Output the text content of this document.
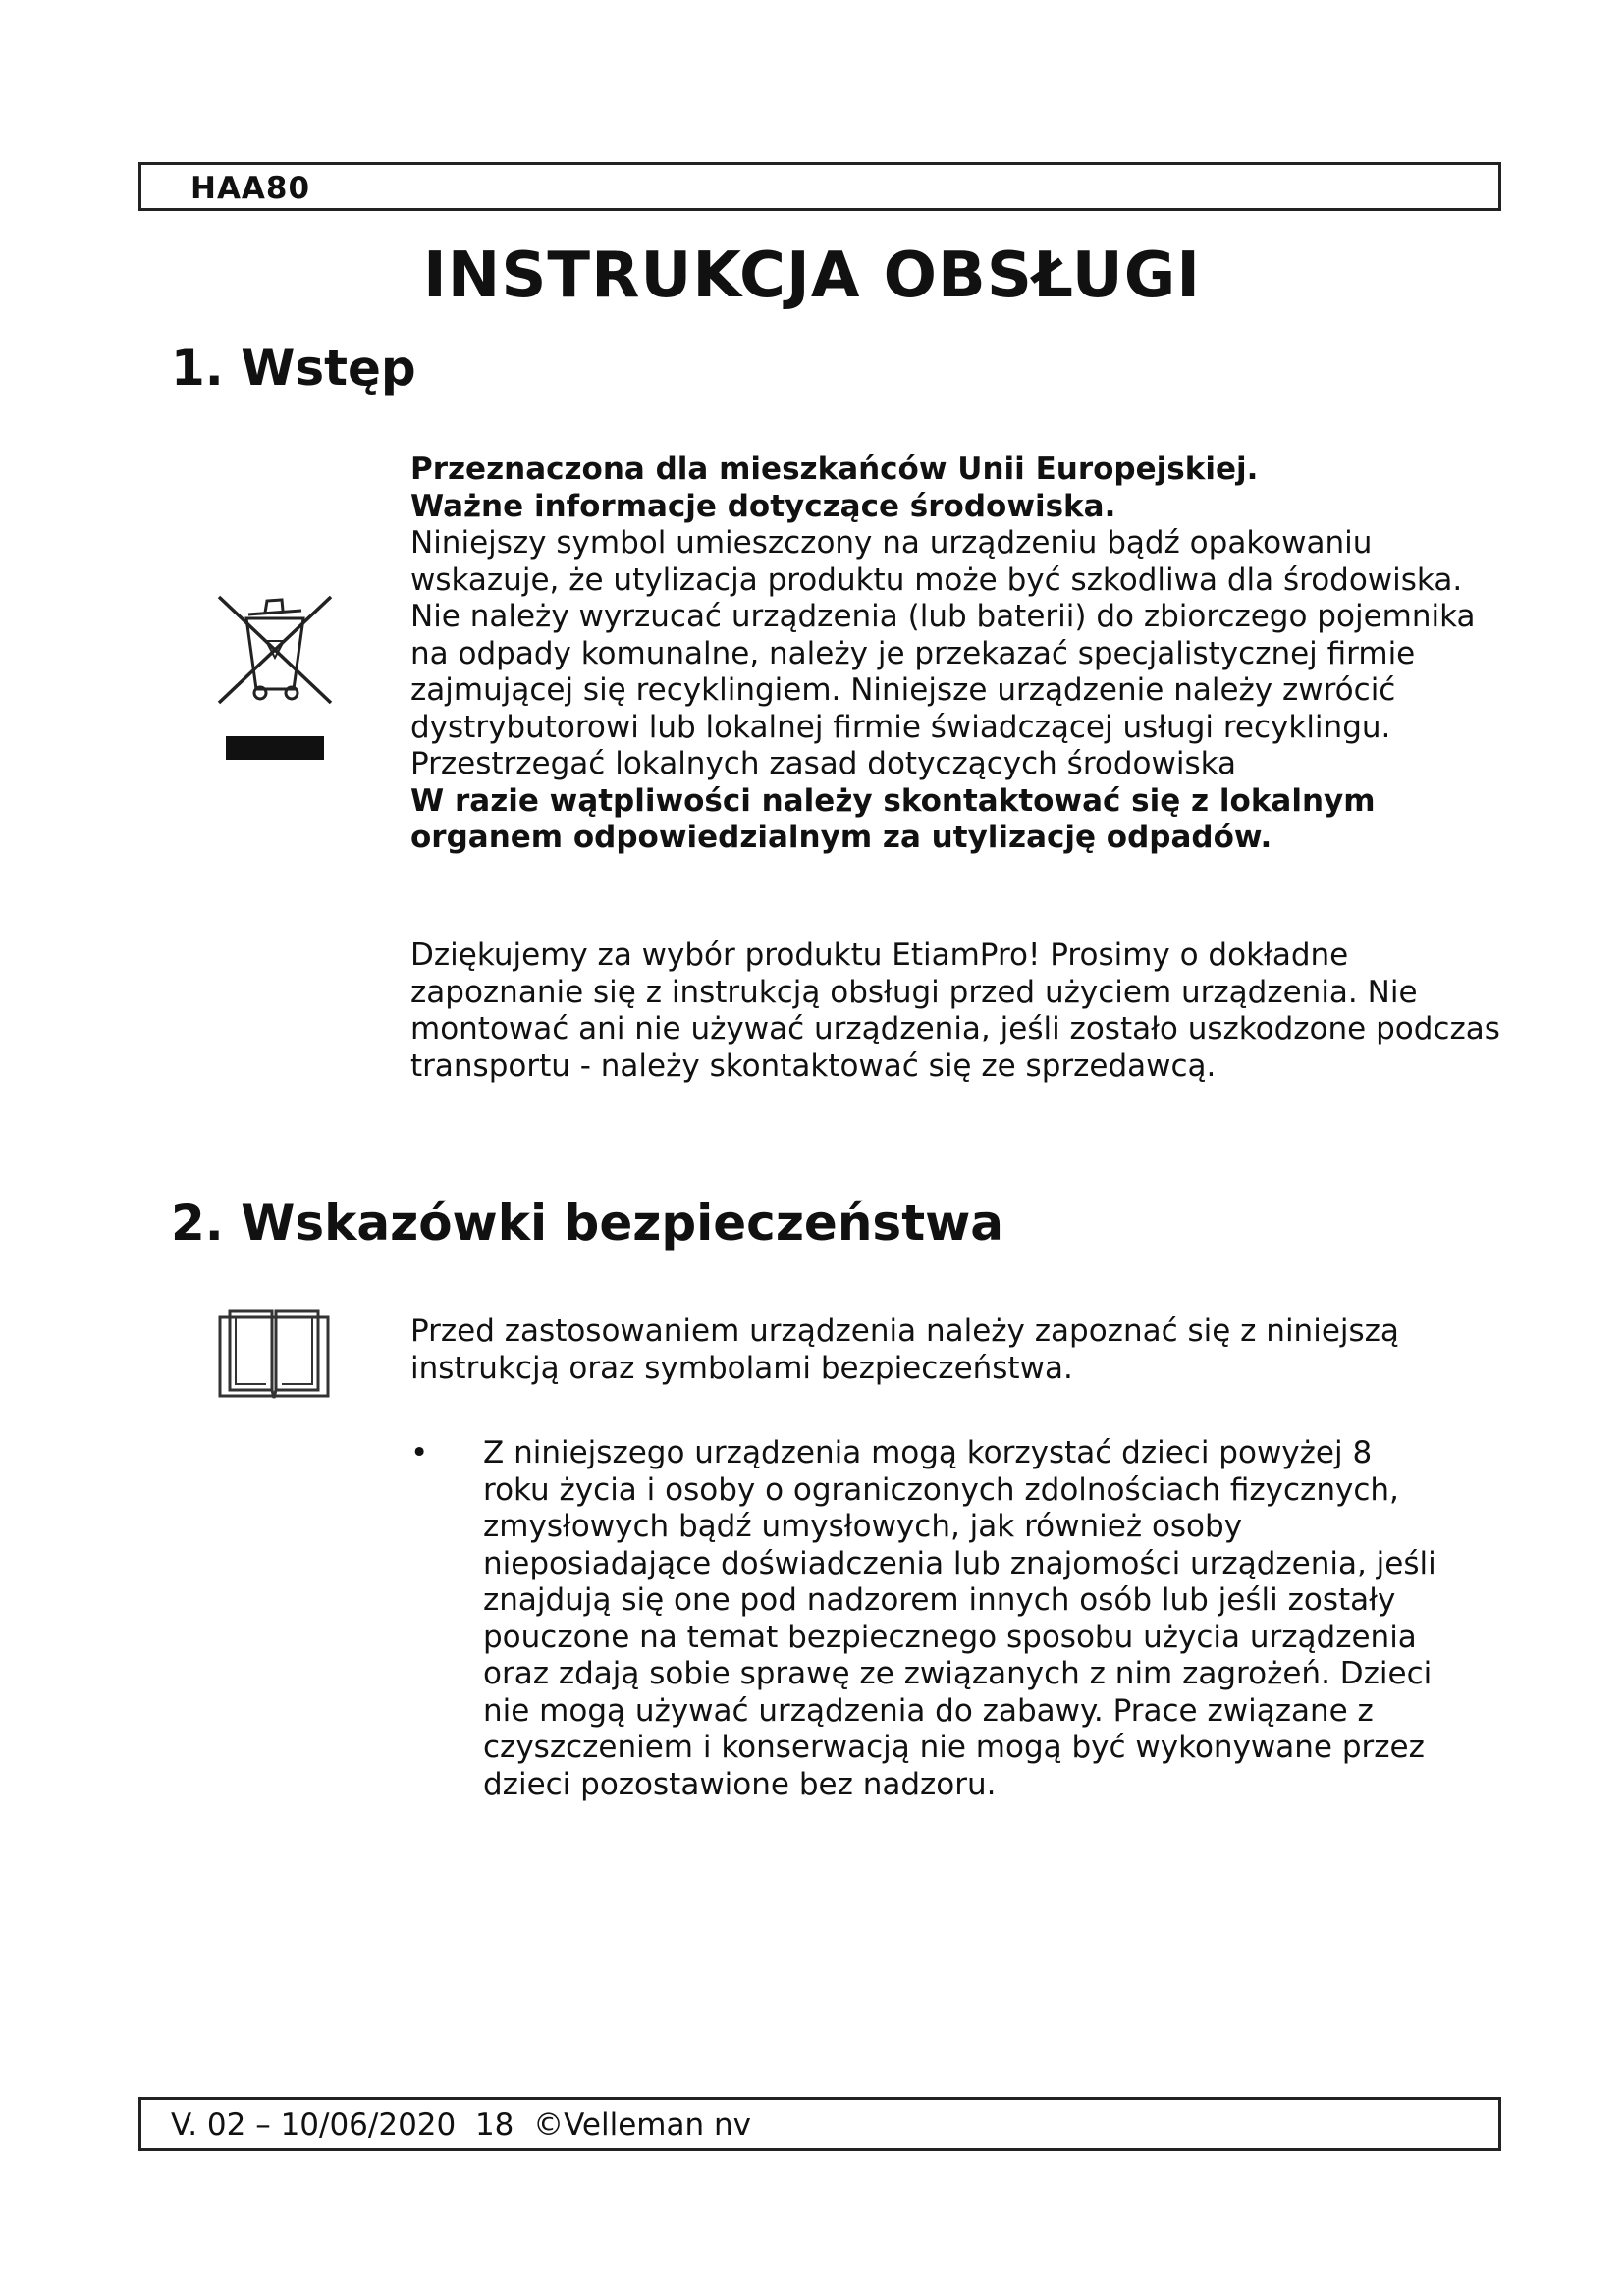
HAA80
INSTRUKCJA OBSŁUGI
1. Wstęp

Przeznaczona dla mieszkańców Unii Europejskiej.

Ważne informacje dotyczące środowiska.

Niniejszy symbol umieszczony na urządzeniu bądź opakowaniu wskazuje, że utylizacja produktu może być szkodliwa dla środowiska. Nie należy wyrzucać urządzenia (lub baterii) do zbiorczego pojemnika na odpady komunalne, należy je przekazać specjalistycznej firmie zajmującej się recyklingiem. Niniejsze urządzenie należy zwrócić dystrybutorowi lub lokalnej firmie świadczącej usługi recyklingu. Przestrzegać lokalnych zasad dotyczących środowiska

W razie wątpliwości należy skontaktować się z lokalnym organem odpowiedzialnym za utylizację odpadów.

Dziękujemy za wybór produktu EtiamPro! Prosimy o dokładne zapoznanie się z instrukcją obsługi przed użyciem urządzenia. Nie montować ani nie używać urządzenia, jeśli zostało uszkodzone podczas transportu - należy skontaktować się ze sprzedawcą.
2. Wskazówki bezpieczeństwa
Przed zastosowaniem urządzenia należy zapoznać się z niniejszą instrukcją oraz symbolami bezpieczeństwa.
• Z niniejszego urządzenia mogą korzystać dzieci powyżej 8 roku życia i osoby o ograniczonych zdolnościach fizycznych, zmysłowych bądź umysłowych, jak również osoby nieposiadające doświadczenia lub znajomości urządzenia, jeśli znajdują się one pod nadzorem innych osób lub jeśli zostały pouczone na temat bezpiecznego sposobu użycia urządzenia oraz zdają sobie sprawę ze związanych z nim zagrożeń. Dzieci nie mogą używać urządzenia do zabawy. Prace związane z czyszczeniem i konserwacją nie mogą być wykonywane przez dzieci pozostawione bez nadzoru.
V. 02 – 10/06/2020  18  ©Velleman nv
